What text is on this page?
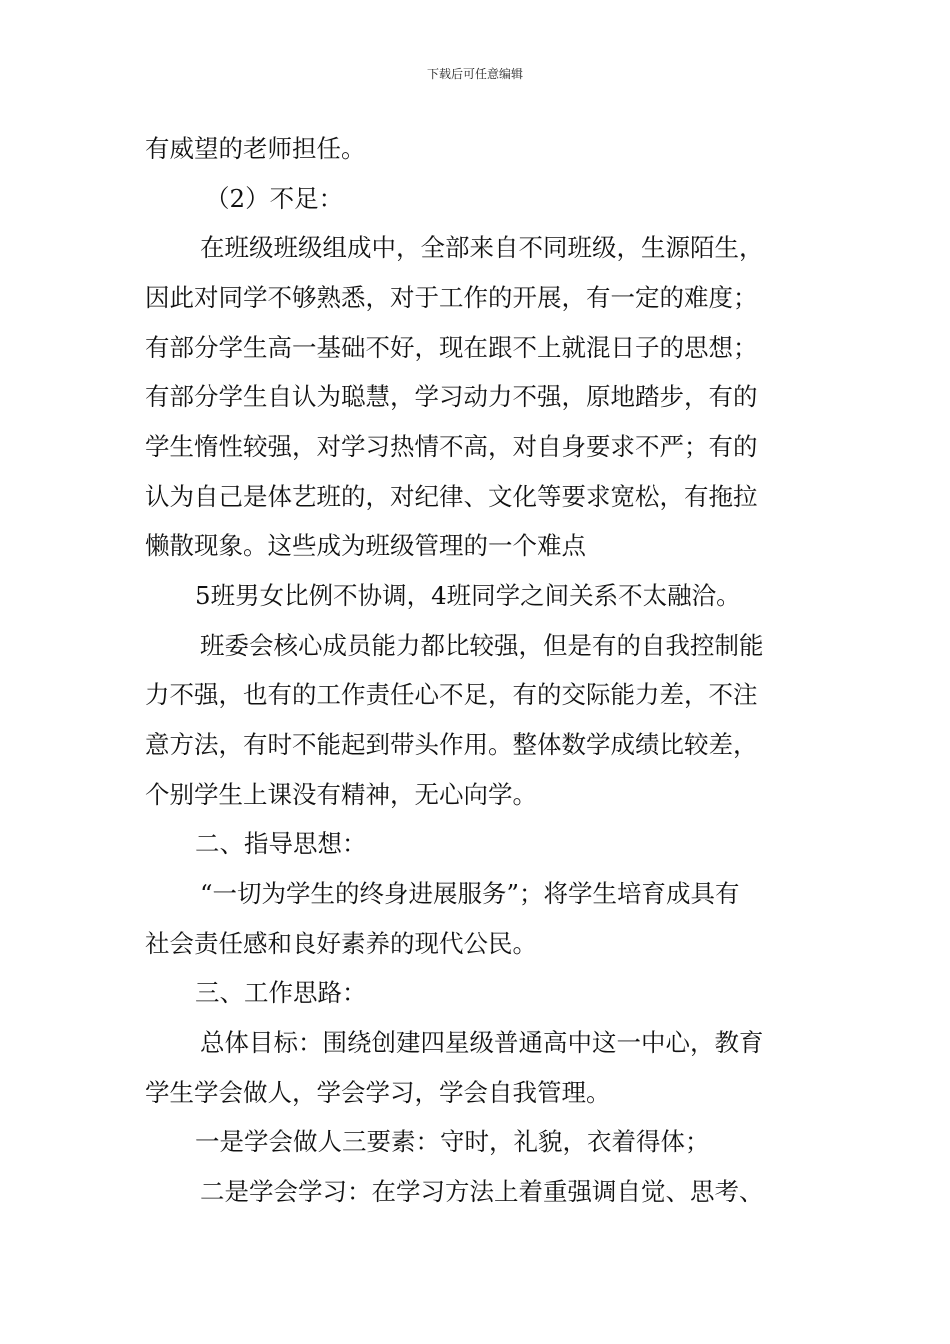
下载后可任意编辑
有威望的老师担任。
（2）不足：
在班级班级组成中，全部来自不同班级，生源陌生，
因此对同学不够熟悉，对于工作的开展，有一定的难度；
有部分学生高一基础不好，现在跟不上就混日子的思想；
有部分学生自认为聪慧，学习动力不强，原地踏步，有的
学生惰性较强，对学习热情不高，对自身要求不严；有的
认为自己是体艺班的，对纪律、文化等要求宽松，有拖拉
懒散现象。这些成为班级管理的一个难点
5班男女比例不协调，4班同学之间关系不太融洽。
班委会核心成员能力都比较强，但是有的自我控制能
力不强，也有的工作责任心不足，有的交际能力差，不注
意方法，有时不能起到带头作用。整体数学成绩比较差，
个别学生上课没有精神，无心向学。
二、指导思想：
“一切为学生的终身进展服务”；将学生培育成具有
社会责任感和良好素养的现代公民。
三、工作思路：
总体目标：围绕创建四星级普通高中这一中心，教育
学生学会做人，学会学习，学会自我管理。
一是学会做人三要素：守时，礼貌，衣着得体；
二是学会学习：在学习方法上着重强调自觉、思考、
